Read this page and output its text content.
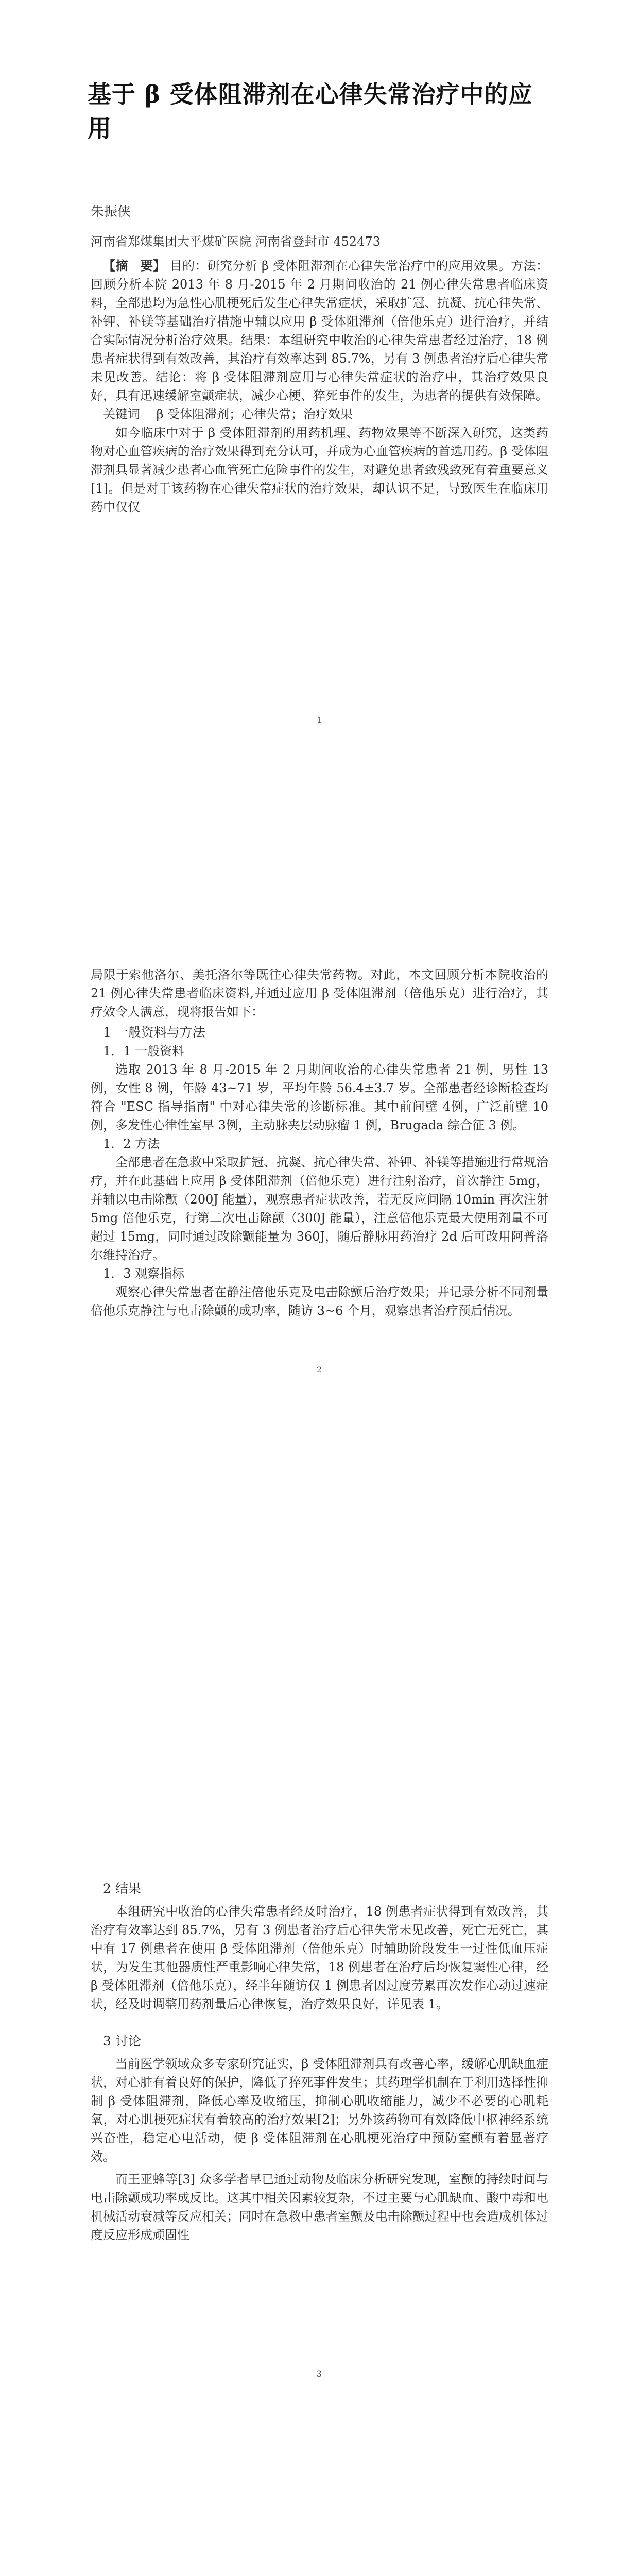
基于 β 受体阻滞剂在心律失常治疗中的应用
朱振侠
河南省郑煤集团大平煤矿医院 河南省登封市 452473

【摘　要】 目的：研究分析 β 受体阻滞剂在心律失常治疗中的应用效果。方法：回顾分析本院 2013 年 8 月-2015 年 2 月期间收治的 21 例心律失常患者临床资料，全部患均为急性心肌梗死后发生心律失常症状，采取扩冠、抗凝、抗心律失常、补钾、补镁等基础治疗措施中辅以应用 β 受体阻滞剂（倍他乐克）进行治疗，并结合实际情况分析治疗效果。结果：本组研究中收治的心律失常患者经过治疗，18 例患者症状得到有效改善，其治疗有效率达到 85.7%，另有 3 例患者治疗后心律失常未见改善。结论：将 β 受体阻滞剂应用与心律失常症状的治疗中，其治疗效果良好，具有迅速缓解室颤症状，减少心梗、猝死事件的发生，为患者的提供有效保障。

关键词　 β 受体阻滞剂；心律失常；治疗效果

如今临床中对于 β 受体阻滞剂的用药机理、药物效果等不断深入研究，这类药物对心血管疾病的治疗效果得到充分认可，并成为心血管疾病的首选用药。β 受体阻滞剂具显著减少患者心血管死亡危险事件的发生，对避免患者致残致死有着重要意义[1]。但是对于该药物在心律失常症状的治疗效果，却认识不足，导致医生在临床用药中仅仅

1

局限于索他洛尔、美托洛尔等既往心律失常药物。对此，本文回顾分析本院收治的 21 例心律失常患者临床资料,并通过应用 β 受体阻滞剂（倍他乐克）进行治疗，其疗效令人满意，现将报告如下：

1 一般资料与方法

1．1 一般资料

选取 2013 年 8 月-2015 年 2 月期间收治的心律失常患者 21 例，男性 13 例，女性 8 例，年龄 43~71 岁，平均年龄 56.4±3.7 岁。全部患者经诊断检查均符合 "ESC 指导指南" 中对心律失常的诊断标准。其中前间壁 4例，广泛前壁 10例，多发性心律性室早 3例，主动脉夹层动脉瘤 1 例，Brugada 综合征 3 例。

1．2 方法

全部患者在急救中采取扩冠、抗凝、抗心律失常、补钾、补镁等措施进行常规治疗，并在此基础上应用 β 受体阻滞剂（倍他乐克）进行注射治疗，首次静注 5mg，并辅以电击除颤（200J 能量），观察患者症状改善，若无反应间隔 10min 再次注射 5mg 倍他乐克，行第二次电击除颤（300J 能量），注意倍他乐克最大使用剂量不可超过 15mg，同时通过改除颤能量为 360J，随后静脉用药治疗 2d 后可改用阿普洛尔维持治疗。

1．3 观察指标

观察心律失常患者在静注倍他乐克及电击除颤后治疗效果；并记录分析不同剂量倍他乐克静注与电击除颤的成功率，随访 3~6 个月，观察患者治疗预后情况。

2

2 结果

本组研究中收治的心律失常患者经及时治疗，18 例患者症状得到有效改善，其治疗有效率达到 85.7%，另有 3 例患者治疗后心律失常未见改善，死亡无死亡，其中有 17 例患者在使用 β 受体阻滞剂（倍他乐克）时辅助阶段发生一过性低血压症状，为发生其他器质性严重影响心律失常，18 例患者在治疗后均恢复窦性心律，经 β 受体阻滞剂（倍他乐克），经半年随访仅 1 例患者因过度劳累再次发作心动过速症状，经及时调整用药剂量后心律恢复，治疗效果良好，详见表 1。

3 讨论

当前医学领域众多专家研究证实，β 受体阻滞剂具有改善心率，缓解心肌缺血症状，对心脏有着良好的保护，降低了猝死事件发生；其药理学机制在于利用选择性抑制 β 受体阻滞剂，降低心率及收缩压，抑制心肌收缩能力，减少不必要的心肌耗氧，对心肌梗死症状有着较高的治疗效果[2]；另外该药物可有效降低中枢神经系统兴奋性，稳定心电活动，使 β 受体阻滞剂在心肌梗死治疗中预防室颤有着显著疗效。

而王亚蜂等[3] 众多学者早已通过动物及临床分析研究发现，室颤的持续时间与电击除颤成功率成反比。这其中相关因素较复杂，不过主要与心肌缺血、酸中毒和电机械活动衰减等反应相关；同时在急救中患者室颤及电击除颤过程中也会造成机体过度反应形成顽固性

3
